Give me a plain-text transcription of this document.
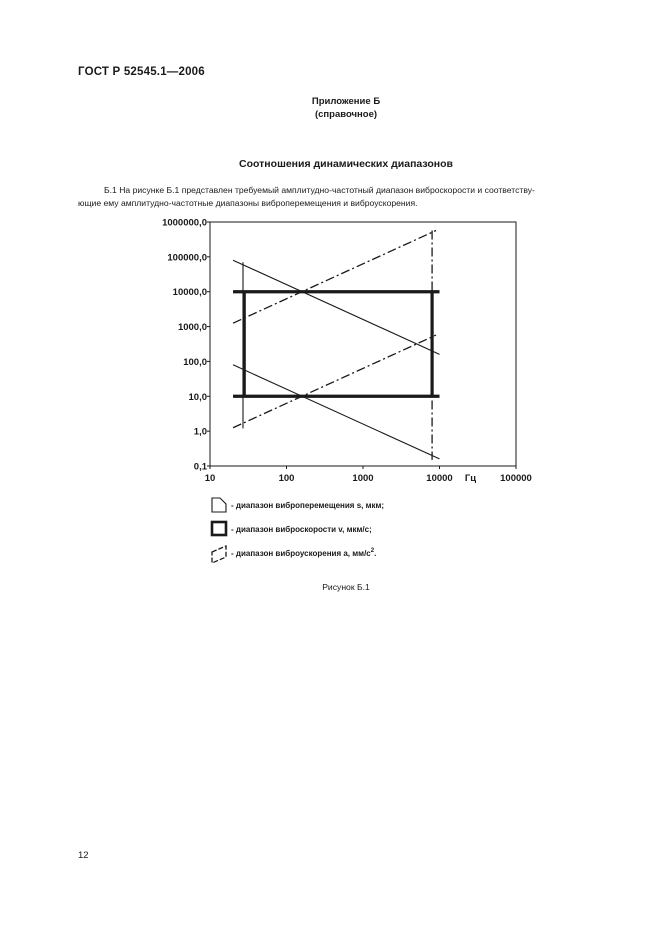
ГОСТ Р 52545.1—2006
Приложение Б
(справочное)
Соотношения динамических диапазонов
Б.1 На рисунке Б.1 представлен требуемый амплитудно-частотный диапазон виброскорости и соответству-
ющие ему амплитудно-частотные диапазоны виброперемещения и виброускорения.
0,1
1,0
10,0
100,0
1000,0
10000,0
100000,0
1000000,0
10	100	1000	10000	100000
Гц
- диапазон виброперемещения s, мкм;
- диапазон виброскорости v, мкм/с;
- диапазон виброускорения a, $мм/с^2$.
Рисунок Б.1
12
